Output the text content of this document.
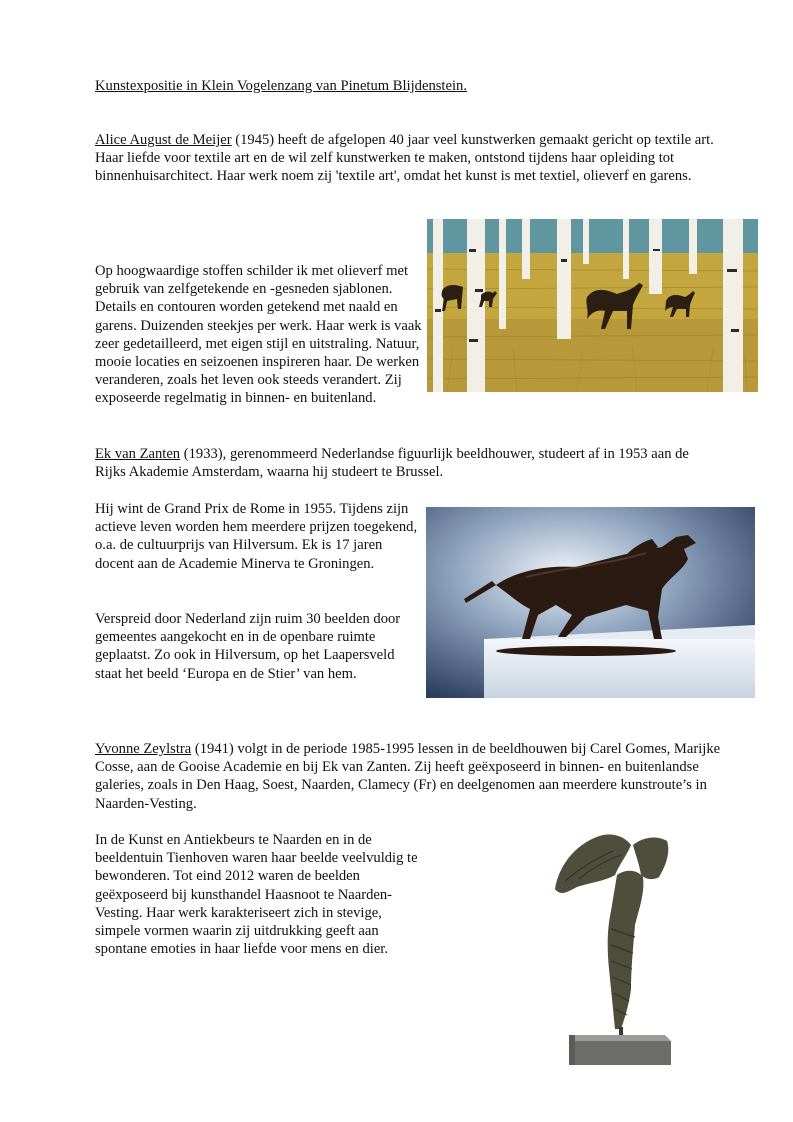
Kunstexpositie in Klein Vogelenzang van Pinetum Blijdenstein.

Alice August de Meijer (1945) heeft de afgelopen 40 jaar veel kunstwerken gemaakt gericht op textile art. Haar liefde voor textile art en de wil zelf kunstwerken te maken, ontstond tijdens haar opleiding tot binnenhuisarchitect. Haar werk noem zij 'textile art', omdat het kunst is met textiel, olieverf en garens.

Op hoogwaardige stoffen schilder ik met olieverf met gebruik van zelfgetekende en -gesneden sjablonen. Details en contouren worden getekend met naald en garens. Duizenden steekjes per werk. Haar werk is vaak zeer gedetailleerd, met eigen stijl en uitstraling. Natuur, mooie locaties en seizoenen inspireren haar. De werken veranderen, zoals het leven ook steeds verandert. Zij exposeerde regelmatig in binnen- en buitenland.

Ek van Zanten (1933), gerenommeerd Nederlandse figuurlijk beeldhouwer, studeert af in 1953 aan de Rijks Akademie Amsterdam, waarna hij studeert te Brussel.

Hij wint de Grand Prix de Rome in 1955. Tijdens zijn actieve leven worden hem meerdere prijzen toegekend, o.a. de cultuurprijs van Hilversum. Ek is 17 jaren docent aan de Academie Minerva te Groningen.

Verspreid door Nederland zijn ruim 30 beelden door gemeentes aangekocht en in de openbare ruimte geplaatst. Zo ook in Hilversum, op het Laapersveld staat het beeld ‘Europa en de Stier’ van hem.

Yvonne Zeylstra (1941) volgt in de periode 1985-1995 lessen in de beeldhouwen bij Carel Gomes, Marijke Cosse, aan de Gooise Academie en bij Ek van Zanten. Zij heeft geëxposeerd in binnen- en buitenlandse galeries, zoals in Den Haag, Soest, Naarden, Clamecy (Fr) en deelgenomen aan meerdere kunstroute’s in Naarden-Vesting.

In de Kunst en Antiekbeurs te Naarden en in de beeldentuin Tienhoven waren haar beelde veelvuldig te bewonderen. Tot eind 2012 waren de beelden geëxposeerd bij kunsthandel Haasnoot te Naarden-Vesting. Haar werk karakteriseert zich in stevige, simpele vormen waarin zij uitdrukking geeft aan spontane emoties in haar liefde voor mens en dier.
